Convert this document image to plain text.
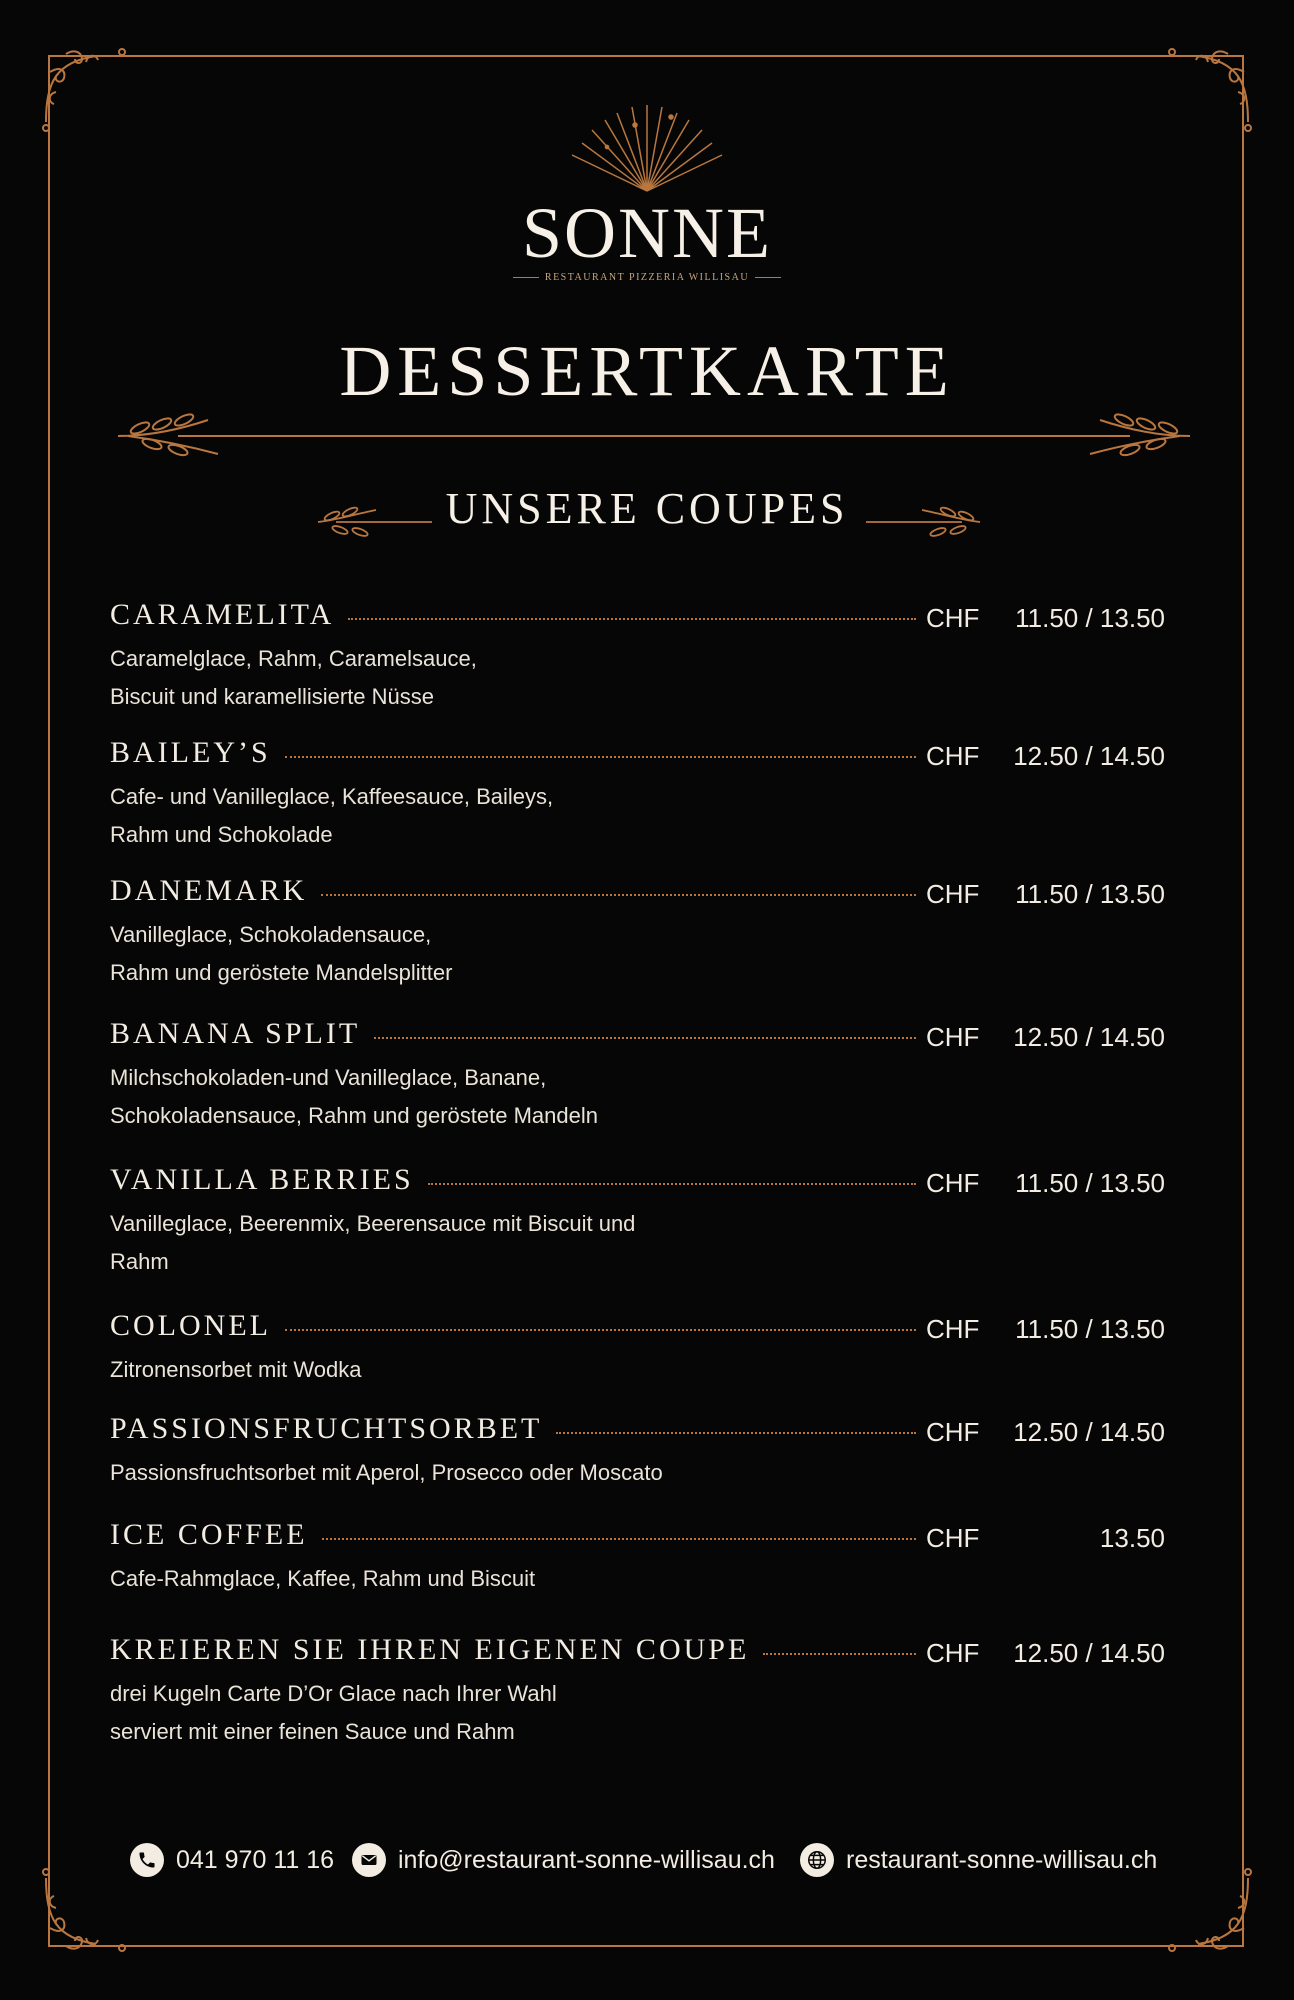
SONNE
RESTAURANT PIZZERIA WILLISAU
DESSERTKARTE
UNSERE COUPES
CARAMELITA	CHF 11.50 / 13.50
Caramelglace, Rahm, Caramelsauce,
Biscuit und karamellisierte Nüsse
BAILEY’S	CHF 12.50 / 14.50
Cafe- und Vanilleglace, Kaffeesauce, Baileys,
Rahm und Schokolade
DANEMARK	CHF 11.50 / 13.50
Vanilleglace, Schokoladensauce,
Rahm und geröstete Mandelsplitter
BANANA SPLIT	CHF 12.50 / 14.50
Milchschokoladen-und Vanilleglace, Banane,
Schokoladensauce, Rahm und geröstete Mandeln
VANILLA BERRIES	CHF 11.50 / 13.50
Vanilleglace, Beerenmix, Beerensauce mit Biscuit und
Rahm
COLONEL	CHF 11.50 / 13.50
Zitronensorbet mit Wodka
PASSIONSFRUCHTSORBET	CHF 12.50 / 14.50
Passionsfruchtsorbet mit Aperol, Prosecco oder Moscato
ICE COFFEE	CHF	13.50
Cafe-Rahmglace, Kaffee, Rahm und Biscuit
KREIEREN SIE IHREN EIGENEN COUPE	CHF 12.50 / 14.50
drei Kugeln Carte D’Or Glace nach Ihrer Wahl
serviert mit einer feinen Sauce und Rahm
041 970 11 16	info@restaurant-sonne-willisau.ch	restaurant-sonne-willisau.ch
